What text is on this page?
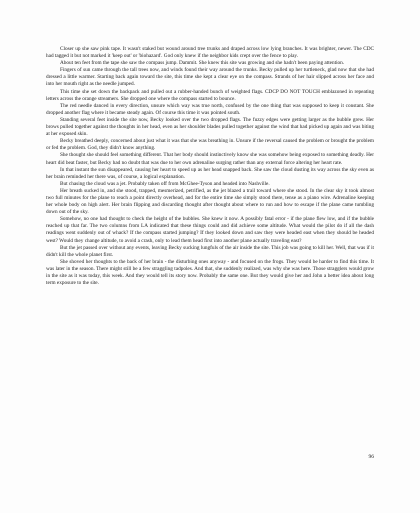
Closer up she saw pink tape. It wasn't staked but wound around tree trunks and draped across low lying branches. It was brighter, newer. The CDC had tagged it but not marked it 'keep out' or 'biohazard'. God only knew if the neighbor kids crept over the fence to play.

About ten feet from the tape she saw the compass jump. Dammit. She knew this site was growing and she hadn't been paying attention.

Fingers of sun came through the tall trees now, and winds found their way around the trunks. Becky pulled up her turtleneck, glad now that she had dressed a little warmer. Starting back again toward the site, this time she kept a clear eye on the compass. Strands of her hair slipped across her face and into her mouth right as the needle jumped.

This time she set down the backpack and pulled out a rubber-handed bunch of weighted flags. CDCP DO NOT TOUCH emblazoned in repeating letters across the orange streamers. She dropped one where the compass started to bounce.

The red needle danced in every direction, unsure which way was true north, confused by the one thing that was supposed to keep it constant. She dropped another flag where it became steady again. Of course this time it was pointed south.

Standing several feet inside the site now, Becky looked over the two dropped flags. The fuzzy edges were getting larger as the bubble grew. Her brows pulled together against the thoughts in her head, even as her shoulder blades pulled together against the wind that had picked up again and was biting at her exposed skin.

Becky breathed deeply, concerned about just what it was that she was breathing in. Unsure if the reversal caused the problem or brought the problem or fed the problem. God, they didn't know anything.

She thought she should feel something different. That her body should instinctively know she was somehow being exposed to something deadly. Her heart did beat faster, but Becky had no doubt that was due to her own adrenaline surging rather than any external force altering her heart rate.

In that instant the sun disappeared, causing her heart to speed up as her head snapped back. She saw the cloud dusting its way across the sky even as her brain reminded her there was, of course, a logical explanation.

But chasing the cloud was a jet. Probably taken off from McGhee-Tyson and headed into Nashville.

Her breath sucked in, and she stood, trapped, mesmerized, petrified, as the jet blazed a trail toward where she stood. In the clear sky it took almost two full minutes for the plane to reach a point directly overhead, and for the entire time she simply stood there, tense as a piano wire. Adrenaline keeping her whole body on high alert. Her brain flipping and discarding thought after thought about where to run and how to escape if the plane came tumbling down out of the sky.

Somehow, no one had thought to check the height of the bubbles. She knew it now. A possibly fatal error - if the plane flew low, and if the bubble reached up that far. The two columns from LA indicated that these things could and did achieve some altitude. What would the pilot do if all the dash readings went suddenly out of whack? If the compass started jumping? If they looked down and saw they were headed east when they should be headed west? Would they change altitude, to avoid a crash, only to lead them head first into another plane actually traveling east?

But the jet passed over without any events, leaving Becky sucking lungfuls of the air inside the site. This job was going to kill her. Well, that was if it didn't kill the whole planet first.

She shoved her thoughts to the back of her brain - the disturbing ones anyway - and focused on the frogs. They would be harder to find this time. It was later in the season. There might still be a few straggling tadpoles. And that, she suddenly realized, was why she was here. Those stragglers would grow in the site as it was today, this week. And they would tell its story now. Probably the same one. But they would give her and John a better idea about long term exposure to the site.

96
